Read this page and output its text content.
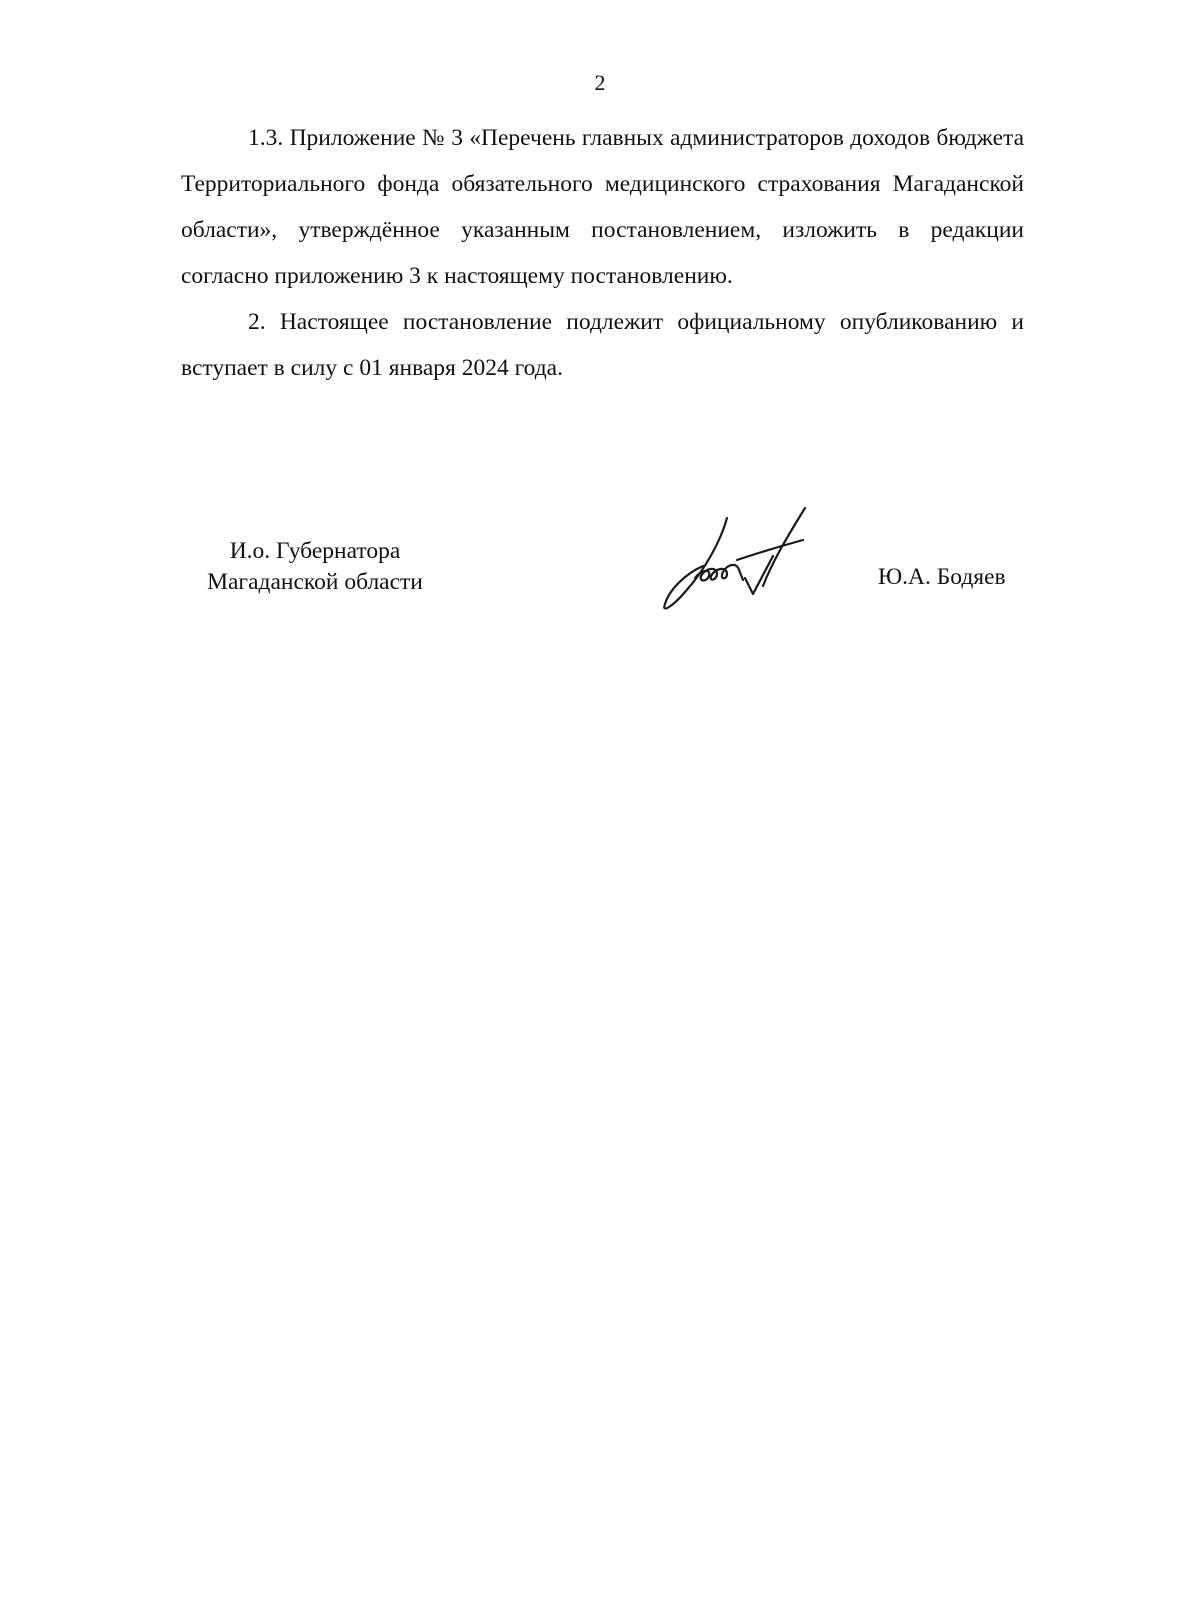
2

1.3. Приложение № 3 «Перечень главных администраторов доходов бюджета Территориального фонда обязательного медицинского страхования Магаданской области», утверждённое указанным постановлением, изложить в редакции согласно приложению 3 к настоящему постановлению.

2. Настоящее постановление подлежит официальному опубликованию и вступает в силу с 01 января 2024 года.

И.о. Губернатора
Магаданской области	Ю.А. Бодяев
